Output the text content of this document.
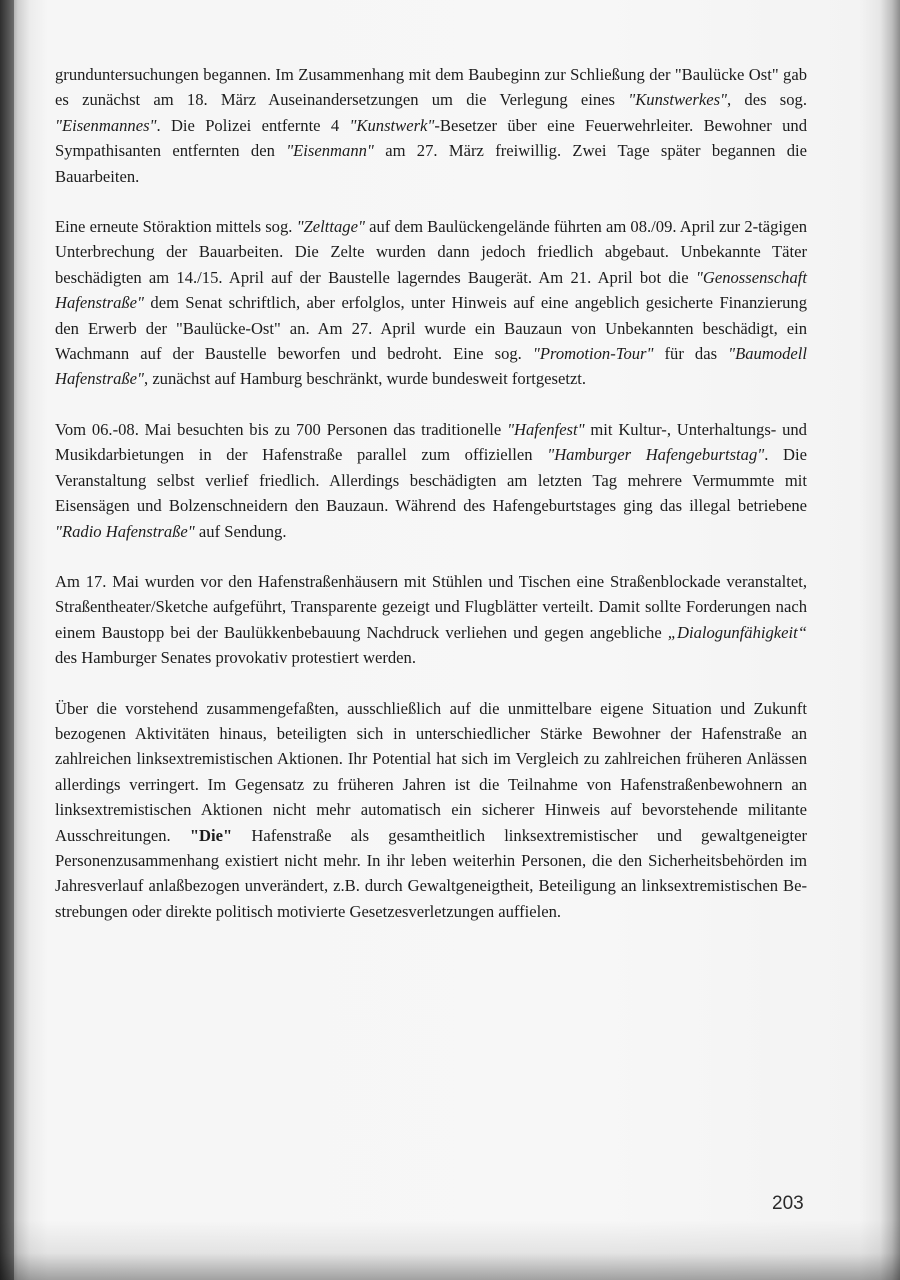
grunduntersuchungen begannen. Im Zusammenhang mit dem Baubeginn zur Schließung der "Baulücke Ost" gab es zunächst am 18. März Auseinandersetzungen um die Verlegung eines "Kunstwerkes", des sog. "Eisenmannes". Die Polizei entfernte 4 "Kunstwerk"-Besetzer über eine Feuerwehrleiter. Bewohner und Sympathisanten entfernten den "Eisenmann" am 27. März freiwillig. Zwei Tage später begannen die Bauarbeiten.

Eine erneute Störaktion mittels sog. "Zelttage" auf dem Baulückengelände führten am 08./09. April zur 2-tägigen Unterbrechung der Bauarbeiten. Die Zelte wurden dann jedoch friedlich abgebaut. Unbekannte Täter beschädigten am 14./15. April auf der Baustelle lagerndes Baugerät. Am 21. April bot die "Genossenschaft Hafenstraße" dem Senat schriftlich, aber erfolglos, unter Hinweis auf eine angeblich gesicherte Finanzierung den Erwerb der "Baulücke-Ost" an. Am 27. April wurde ein Bauzaun von Unbekannten beschädigt, ein Wachmann auf der Baustelle beworfen und bedroht. Eine sog. "Promotion-Tour" für das "Baumodell Hafenstraße", zunächst auf Hamburg beschränkt, wurde bundesweit fortgesetzt.

Vom 06.-08. Mai besuchten bis zu 700 Personen das traditionelle "Hafenfest" mit Kultur-, Unterhaltungs- und Musikdarbietungen in der Hafenstraße parallel zum offiziellen "Hamburger Hafengeburtstag". Die Veranstaltung selbst verlief friedlich. Allerdings beschädigten am letzten Tag mehrere Vermummte mit Eisensägen und Bolzenschneidern den Bauzaun. Während des Hafengeburtstages ging das illegal betriebene "Radio Hafenstraße" auf Sendung.

Am 17. Mai wurden vor den Hafenstraßenhäusern mit Stühlen und Tischen eine Straßenblockade veranstaltet, Straßentheater/Sketche aufgeführt, Transparente gezeigt und Flugblätter verteilt. Damit sollte Forderungen nach einem Baustopp bei der Baulükkenbebauung Nachdruck verliehen und gegen angebliche „Dialogunfähigkeit“ des Hamburger Senates provokativ protestiert werden.

Über die vorstehend zusammengefaßten, ausschließlich auf die unmittelbare eigene Situation und Zukunft bezogenen Aktivitäten hinaus, beteiligten sich in unterschiedlicher Stärke Bewohner der Hafenstraße an zahlreichen linksextremistischen Aktionen. Ihr Potential hat sich im Vergleich zu zahlreichen früheren Anlässen allerdings verringert. Im Gegensatz zu früheren Jahren ist die Teilnahme von Hafenstraßenbewohnern an linksextremistischen Aktionen nicht mehr automatisch ein sicherer Hinweis auf bevorstehende militante Ausschreitungen. "Die" Hafenstraße als gesamtheitlich linksextremistischer und gewaltgeneigter Personenzusammenhang existiert nicht mehr. In ihr leben weiterhin Personen, die den Sicherheitsbehörden im Jahresverlauf anlaßbezogen unverändert, z.B. durch Gewaltgeneigtheit, Beteiligung an linksextremistischen Bestrebungen oder direkte politisch motivierte Gesetzesverletzungen auffielen.

203
